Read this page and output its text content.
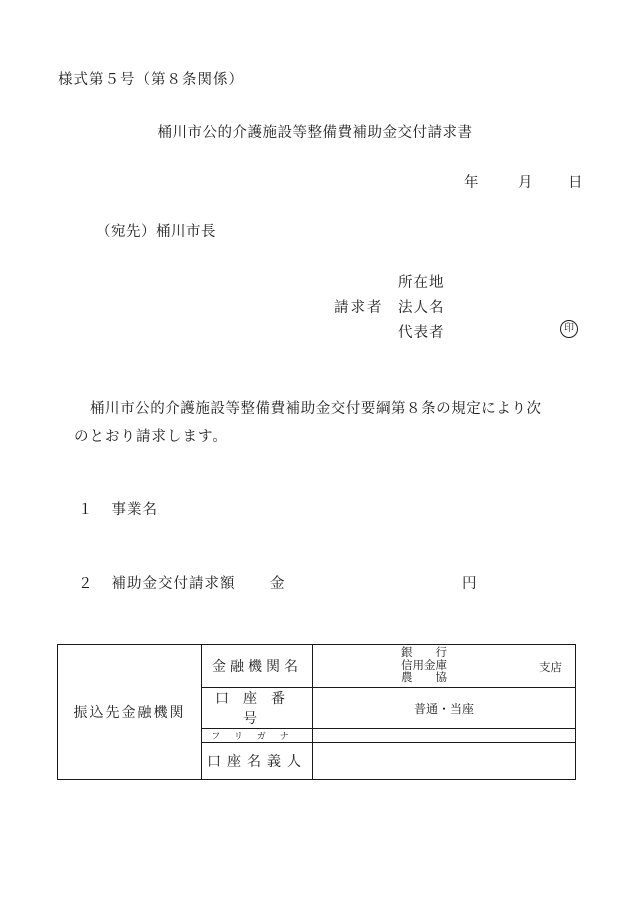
様式第５号（第８条関係）
桶川市公的介護施設等整備費補助金交付請求書
年	月 日
（宛先）桶川市長
所在地
請求者 法人名
代表者	印
桶川市公的介護施設等整備費補助金交付要綱第８条の規定により次
のとおり請求します。
１ 事業名
２ 補助金交付請求額 金	円
振込先金融機関	金融機関名	銀　　行
信用金庫
農　　協
支店

	口座番号	普通・当座
	フリガナ	
	口座名義人	
